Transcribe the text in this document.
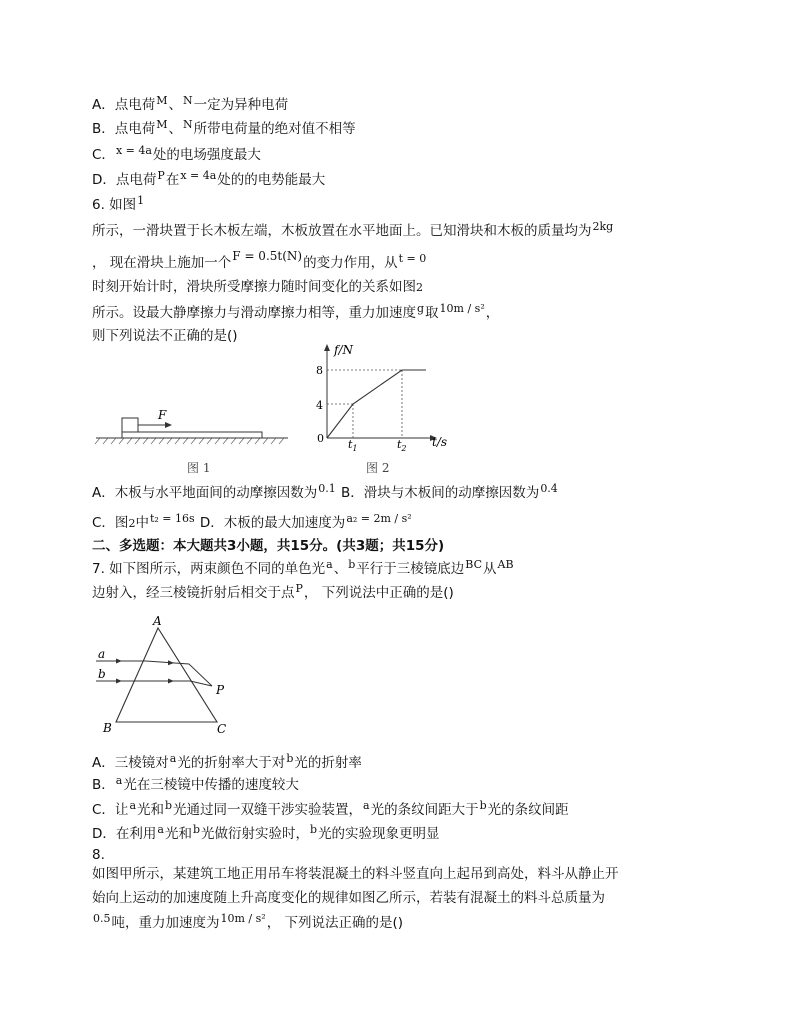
A．点电荷$^M$、$^N$一定为异种电荷
B．点电荷$^M$、$^N$所带电荷量的绝对值不相等
C．$^{x = 4a}$处的电场强度最大
D．点电荷$^P$在$^{x = 4a}$处的的电势能最大
6. 如图$^1$
所示，一滑块置于长木板左端，木板放置在水平地面上。已知滑块和木板的质量均为$^{2kg}$
， 现在滑块上施加一个F = 0.5t(N)的变力作用，从$^{t = 0}$
时刻开始计时，滑块所受摩擦力随时间变化的关系如图2
所示。设最大静摩擦力与滑动摩擦力相等，重力加速度$^g$取$^{10m / s^2}$，
则下列说法不正确的是()
F
图 1
f/N
t/s
8
4
0 $t_1$	$t_2$
图 2
A．木板与水平地面间的动摩擦因数为$^{0.1}$ B．滑块与木板间的动摩擦因数为$^{0.4}$
C．图2中$^{t_2 = 16s}$ D．木板的最大加速度为$^{a_2 = 2m / s^2}$
二、多选题：本大题共3小题，共15分。(共3题；共15分)
7. 如下图所示，两束颜色不同的单色光$^a$、$^b$平行于三棱镜底边$^{BC}$从$^{AB}$
边射入，经三棱镜折射后相交于点$^P$， 下列说法中正确的是()
A
B	C
P
a
b
A．三棱镜对$^a$光的折射率大于对$^b$光的折射率
B．$^a$光在三棱镜中传播的速度较大
C．让$^a$光和$^b$光通过同一双缝干涉实验装置，$^a$光的条纹间距大于$^b$光的条纹间距
D．在利用$^a$光和$^b$光做衍射实验时，$^b$光的实验现象更明显
8.
如图甲所示，某建筑工地正用吊车将装混凝土的料斗竖直向上起吊到高处，料斗从静止开
始向上运动的加速度随上升高度变化的规律如图乙所示，若装有混凝土的料斗总质量为
$^{0.5}$吨，重力加速度为$^{10m / s^2}$， 下列说法正确的是()
